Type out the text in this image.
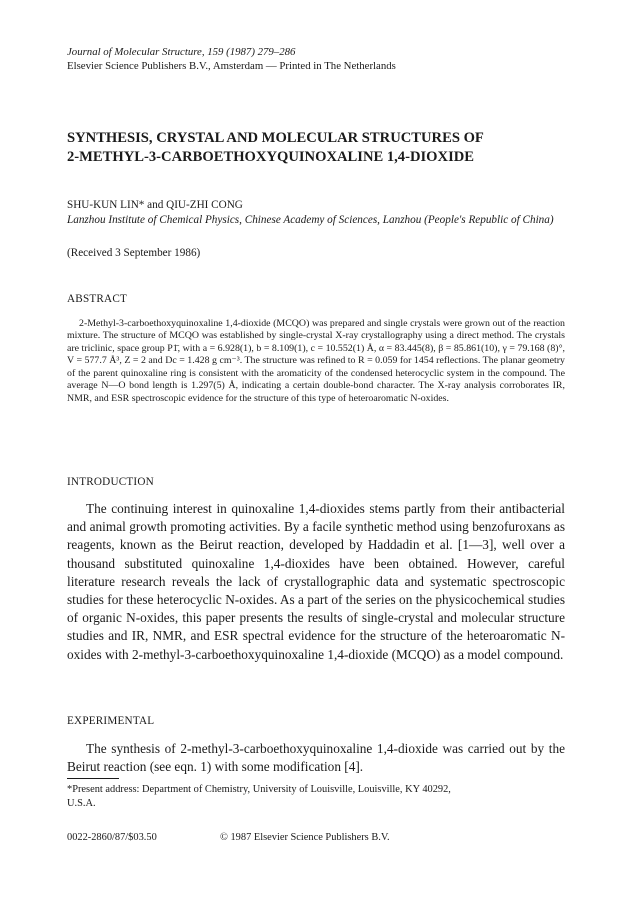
Journal of Molecular Structure, 159 (1987) 279–286
Elsevier Science Publishers B.V., Amsterdam — Printed in The Netherlands
SYNTHESIS, CRYSTAL AND MOLECULAR STRUCTURES OF
2-METHYL-3-CARBOETHOXYQUINOXALINE 1,4-DIOXIDE
SHU-KUN LIN* and QIU-ZHI CONG
Lanzhou Institute of Chemical Physics, Chinese Academy of Sciences, Lanzhou (People's Republic of China)
(Received 3 September 1986)
ABSTRACT
2-Methyl-3-carboethoxyquinoxaline 1,4-dioxide (MCQO) was prepared and single crystals were grown out of the reaction mixture. The structure of MCQO was established by single-crystal X-ray crystallography using a direct method. The crystals are triclinic, space group P1̄, with a = 6.928(1), b = 8.109(1), c = 10.552(1) Å, α = 83.445(8), β = 85.861(10), γ = 79.168 (8)°, V = 577.7 Å³, Z = 2 and Dc = 1.428 g cm⁻³. The structure was refined to R = 0.059 for 1454 reflections. The planar geometry of the parent quinoxaline ring is consistent with the aromaticity of the condensed heterocyclic system in the compound. The average N—O bond length is 1.297(5) Å, indicating a certain double-bond character. The X-ray analysis corroborates IR, NMR, and ESR spectroscopic evidence for the structure of this type of heteroaromatic N-oxides.
INTRODUCTION
The continuing interest in quinoxaline 1,4-dioxides stems partly from their antibacterial and animal growth promoting activities. By a facile synthetic method using benzofuroxans as reagents, known as the Beirut reaction, developed by Haddadin et al. [1—3], well over a thousand substituted quinoxaline 1,4-dioxides have been obtained. However, careful literature research reveals the lack of crystallographic data and systematic spectroscopic studies for these heterocyclic N-oxides. As a part of the series on the physicochemical studies of organic N-oxides, this paper presents the results of single-crystal and molecular structure studies and IR, NMR, and ESR spectral evidence for the structure of the heteroaromatic N-oxides with 2-methyl-3-carboethoxyquinoxaline 1,4-dioxide (MCQO) as a model compound.
EXPERIMENTAL
The synthesis of 2-methyl-3-carboethoxyquinoxaline 1,4-dioxide was carried out by the Beirut reaction (see eqn. 1) with some modification [4].
*Present address: Department of Chemistry, University of Louisville, Louisville, KY 40292,
U.S.A.
0022-2860/87/$03.50	© 1987 Elsevier Science Publishers B.V.
